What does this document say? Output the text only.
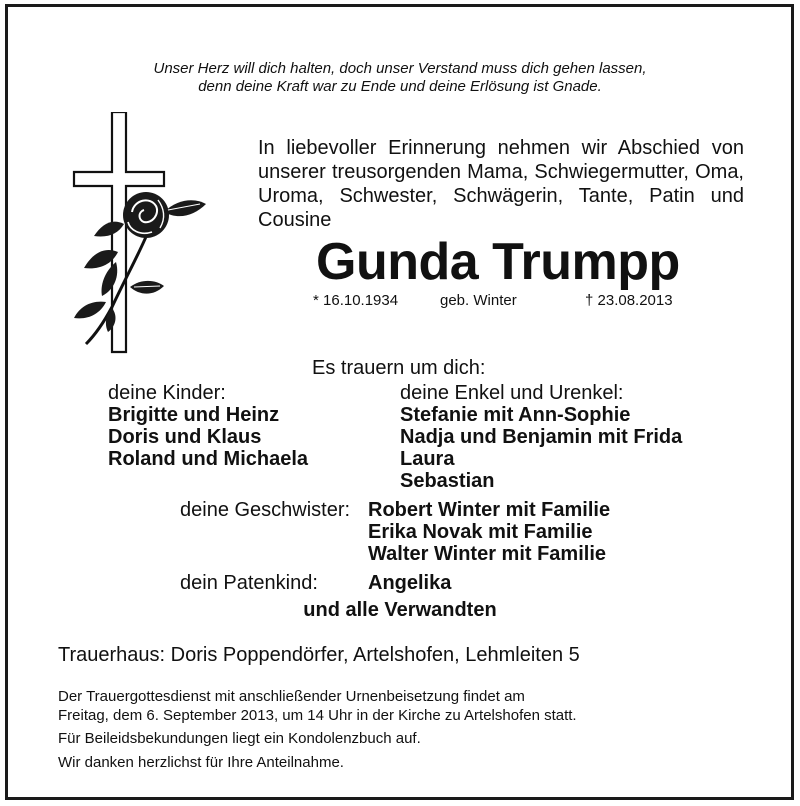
Unser Herz will dich halten, doch unser Verstand muss dich gehen lassen,
denn deine Kraft war zu Ende und deine Erlösung ist Gnade.
In liebevoller Erinnerung nehmen wir Abschied von unserer treusorgenden Mama, Schwiegermutter, Oma, Uroma, Schwester, Schwägerin, Tante, Patin und Cousine
Gunda Trumpp
* 16.10.1934	geb. Winter	† 23.08.2013
Es trauern um dich:
deine Kinder:
Brigitte und Heinz
Doris und Klaus
Roland und Michaela
deine Enkel und Urenkel:
Stefanie mit Ann-Sophie
Nadja und Benjamin mit Frida
Laura
Sebastian
deine Geschwister: Robert Winter mit Familie
Erika Novak mit Familie
Walter Winter mit Familie
dein Patenkind:	Angelika
und alle Verwandten
Trauerhaus: Doris Poppendörfer, Artelshofen, Lehmleiten 5
Der Trauergottesdienst mit anschließender Urnenbeisetzung findet am
Freitag, dem 6. September 2013, um 14 Uhr in der Kirche zu Artelshofen statt.
Für Beileidsbekundungen liegt ein Kondolenzbuch auf.
Wir danken herzlichst für Ihre Anteilnahme.
